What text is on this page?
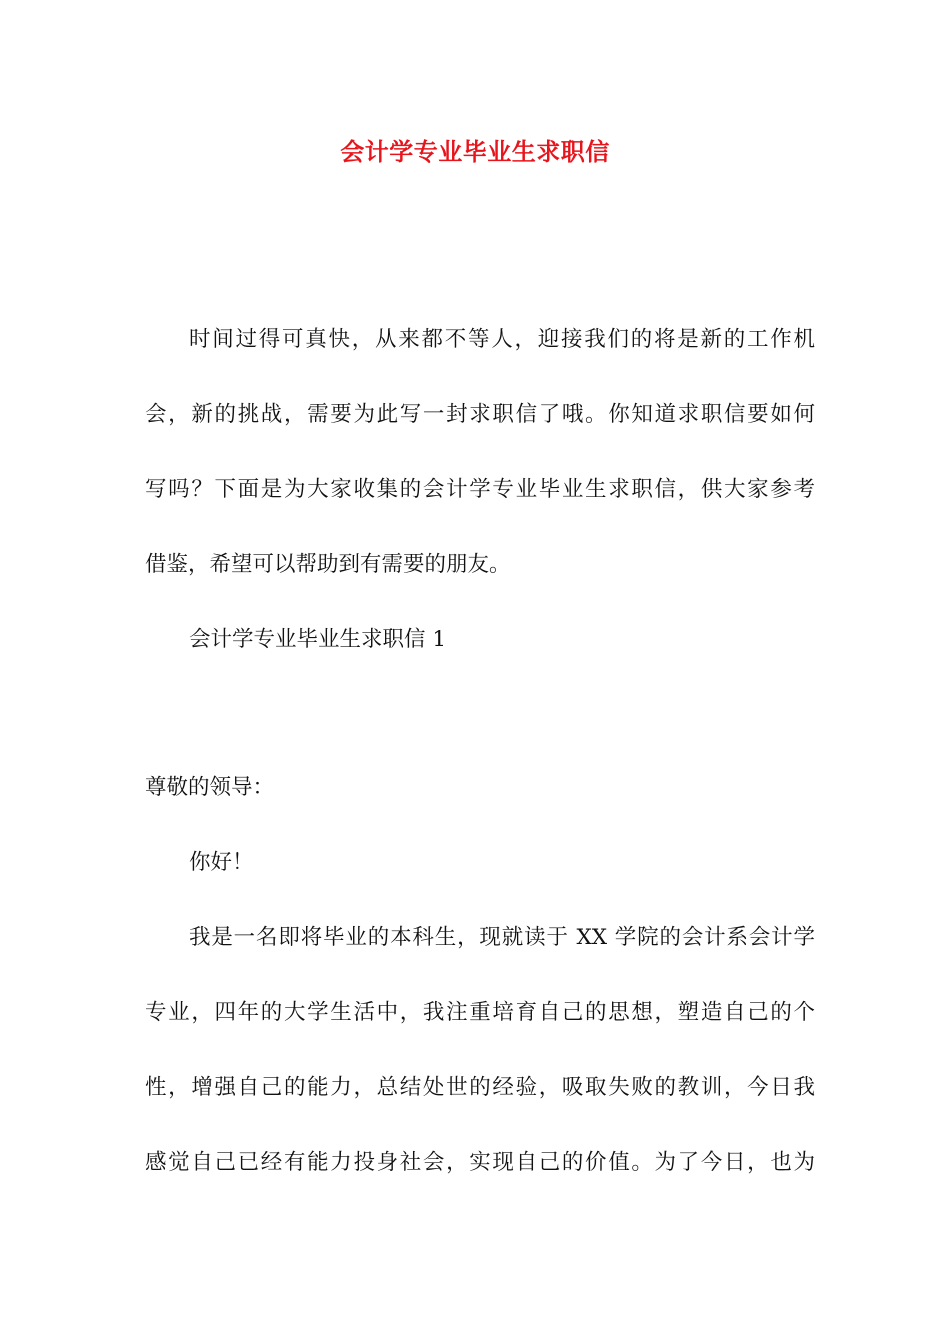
会计学专业毕业生求职信
时间过得可真快，从来都不等人，迎接我们的将是新的工作机
会，新的挑战，需要为此写一封求职信了哦。你知道求职信要如何
写吗？下面是为大家收集的会计学专业毕业生求职信，供大家参考
借鉴，希望可以帮助到有需要的朋友。
会计学专业毕业生求职信 1
尊敬的领导：
你好！
我是一名即将毕业的本科生，现就读于 XX 学院的会计系会计学
专业，四年的大学生活中，我注重培育自己的思想，塑造自己的个
性，增强自己的能力，总结处世的经验，吸取失败的教训，今日我
感觉自己已经有能力投身社会，实现自己的价值。为了今日，也为
